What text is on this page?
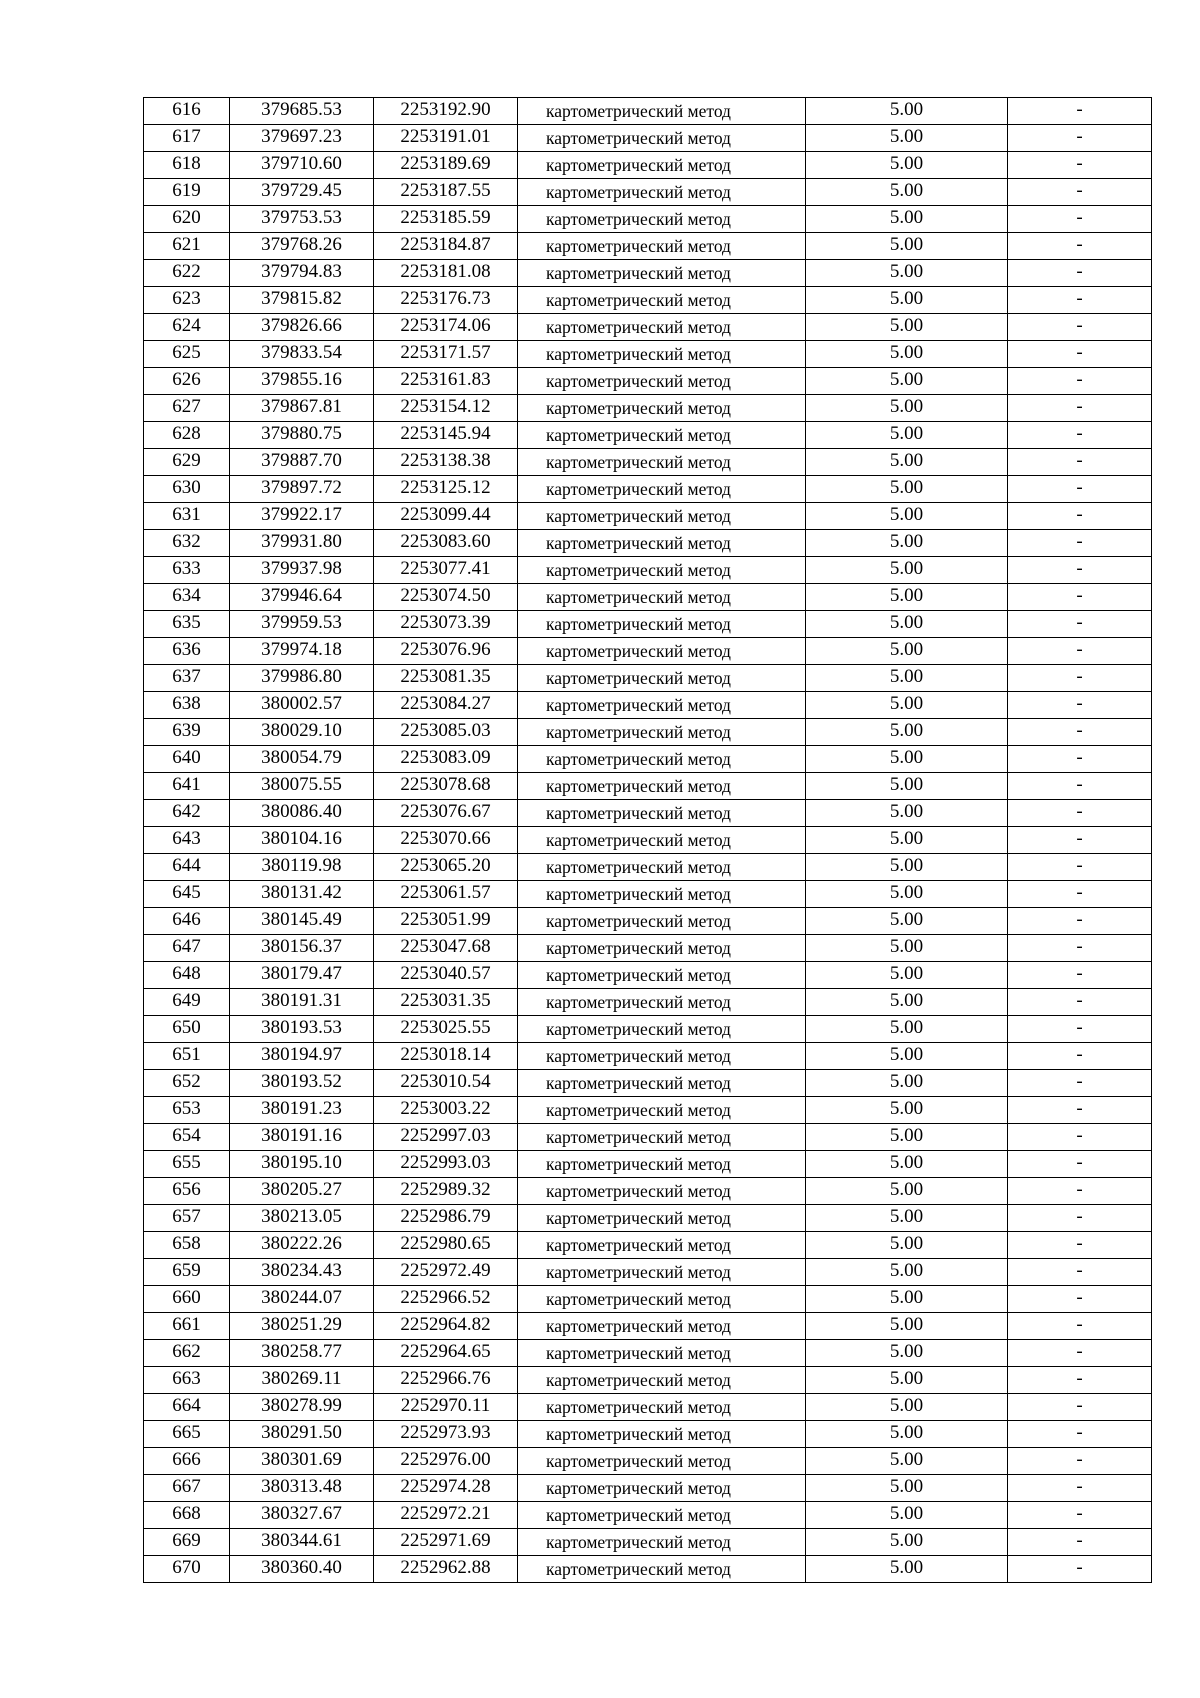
616	379685.53	2253192.90	картометрический метод	5.00	-
617	379697.23	2253191.01	картометрический метод	5.00	-
618	379710.60	2253189.69	картометрический метод	5.00	-
619	379729.45	2253187.55	картометрический метод	5.00	-
620	379753.53	2253185.59	картометрический метод	5.00	-
621	379768.26	2253184.87	картометрический метод	5.00	-
622	379794.83	2253181.08	картометрический метод	5.00	-
623	379815.82	2253176.73	картометрический метод	5.00	-
624	379826.66	2253174.06	картометрический метод	5.00	-
625	379833.54	2253171.57	картометрический метод	5.00	-
626	379855.16	2253161.83	картометрический метод	5.00	-
627	379867.81	2253154.12	картометрический метод	5.00	-
628	379880.75	2253145.94	картометрический метод	5.00	-
629	379887.70	2253138.38	картометрический метод	5.00	-
630	379897.72	2253125.12	картометрический метод	5.00	-
631	379922.17	2253099.44	картометрический метод	5.00	-
632	379931.80	2253083.60	картометрический метод	5.00	-
633	379937.98	2253077.41	картометрический метод	5.00	-
634	379946.64	2253074.50	картометрический метод	5.00	-
635	379959.53	2253073.39	картометрический метод	5.00	-
636	379974.18	2253076.96	картометрический метод	5.00	-
637	379986.80	2253081.35	картометрический метод	5.00	-
638	380002.57	2253084.27	картометрический метод	5.00	-
639	380029.10	2253085.03	картометрический метод	5.00	-
640	380054.79	2253083.09	картометрический метод	5.00	-
641	380075.55	2253078.68	картометрический метод	5.00	-
642	380086.40	2253076.67	картометрический метод	5.00	-
643	380104.16	2253070.66	картометрический метод	5.00	-
644	380119.98	2253065.20	картометрический метод	5.00	-
645	380131.42	2253061.57	картометрический метод	5.00	-
646	380145.49	2253051.99	картометрический метод	5.00	-
647	380156.37	2253047.68	картометрический метод	5.00	-
648	380179.47	2253040.57	картометрический метод	5.00	-
649	380191.31	2253031.35	картометрический метод	5.00	-
650	380193.53	2253025.55	картометрический метод	5.00	-
651	380194.97	2253018.14	картометрический метод	5.00	-
652	380193.52	2253010.54	картометрический метод	5.00	-
653	380191.23	2253003.22	картометрический метод	5.00	-
654	380191.16	2252997.03	картометрический метод	5.00	-
655	380195.10	2252993.03	картометрический метод	5.00	-
656	380205.27	2252989.32	картометрический метод	5.00	-
657	380213.05	2252986.79	картометрический метод	5.00	-
658	380222.26	2252980.65	картометрический метод	5.00	-
659	380234.43	2252972.49	картометрический метод	5.00	-
660	380244.07	2252966.52	картометрический метод	5.00	-
661	380251.29	2252964.82	картометрический метод	5.00	-
662	380258.77	2252964.65	картометрический метод	5.00	-
663	380269.11	2252966.76	картометрический метод	5.00	-
664	380278.99	2252970.11	картометрический метод	5.00	-
665	380291.50	2252973.93	картометрический метод	5.00	-
666	380301.69	2252976.00	картометрический метод	5.00	-
667	380313.48	2252974.28	картометрический метод	5.00	-
668	380327.67	2252972.21	картометрический метод	5.00	-
669	380344.61	2252971.69	картометрический метод	5.00	-
670	380360.40	2252962.88	картометрический метод	5.00	-
